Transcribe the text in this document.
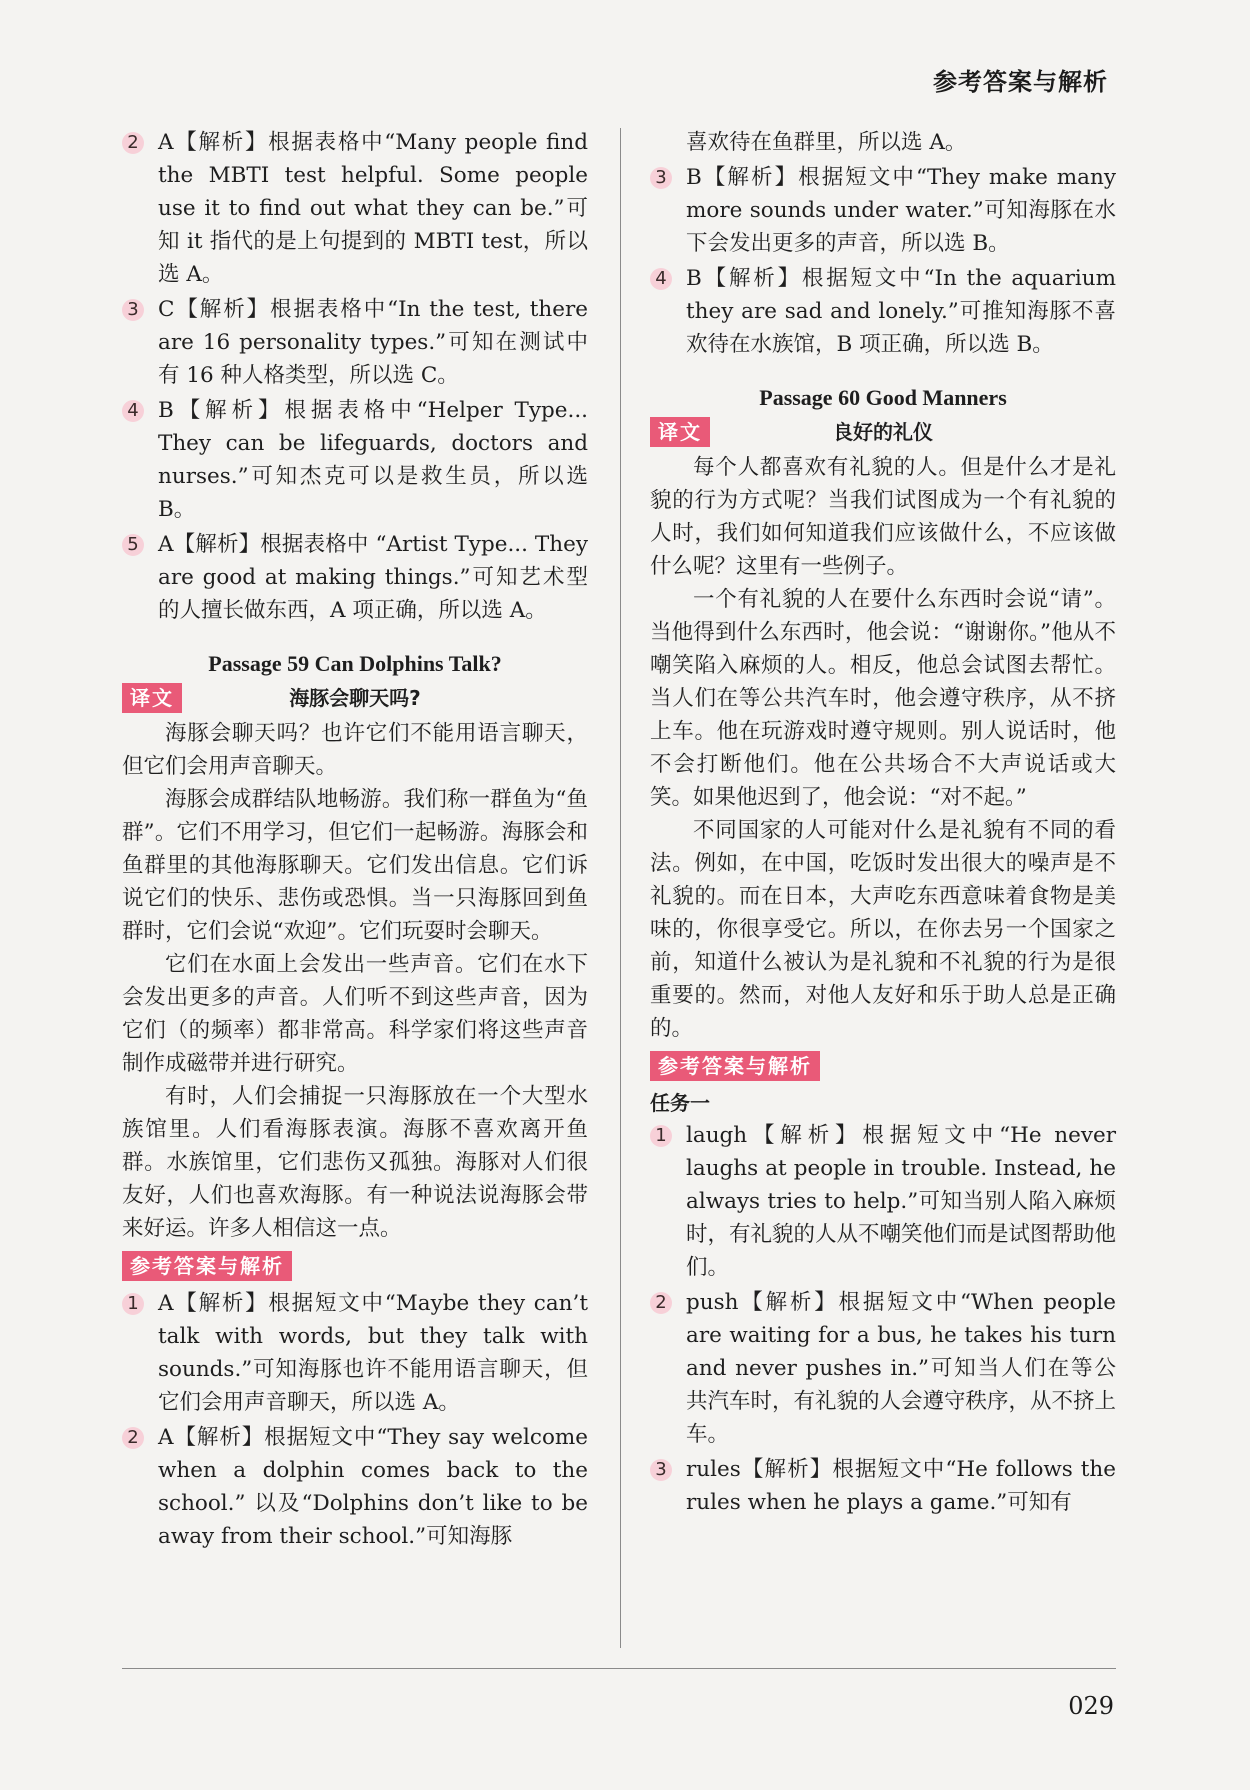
参考答案与解析
2 A【解析】根据表格中“Many people find the MBTI test helpful. Some people use it to find out what they can be.”可知 it 指代的是上句提到的 MBTI test，所以选 A。
3 C【解析】根据表格中“In the test, there are 16 personality types.”可知在测试中有 16 种人格类型，所以选 C。
4 B【解析】根据表格中“Helper Type... They can be lifeguards, doctors and nurses.”可知杰克可以是救生员，所以选 B。
5 A【解析】根据表格中 “Artist Type... They are good at making things.”可知艺术型的人擅长做东西，A 项正确，所以选 A。
Passage 59 Can Dolphins Talk?
海豚会聊天吗?
译文

海豚会聊天吗？也许它们不能用语言聊天，但它们会用声音聊天。

海豚会成群结队地畅游。我们称一群鱼为“鱼群”。它们不用学习，但它们一起畅游。海豚会和鱼群里的其他海豚聊天。它们发出信息。它们诉说它们的快乐、悲伤或恐惧。当一只海豚回到鱼群时，它们会说“欢迎”。它们玩耍时会聊天。

它们在水面上会发出一些声音。它们在水下会发出更多的声音。人们听不到这些声音，因为它们（的频率）都非常高。科学家们将这些声音制作成磁带并进行研究。

有时，人们会捕捉一只海豚放在一个大型水族馆里。人们看海豚表演。海豚不喜欢离开鱼群。水族馆里，它们悲伤又孤独。海豚对人们很友好，人们也喜欢海豚。有一种说法说海豚会带来好运。许多人相信这一点。

参考答案与解析
1 A【解析】根据短文中“Maybe they can’t talk with words, but they talk with sounds.”可知海豚也许不能用语言聊天，但它们会用声音聊天，所以选 A。
2 A【解析】根据短文中“They say welcome when a dolphin comes back to the school.” 以及“Dolphins don’t like to be away from their school.”可知海豚
喜欢待在鱼群里，所以选 A。
3 B【解析】根据短文中“They make many more sounds under water.”可知海豚在水下会发出更多的声音，所以选 B。
4 B【解析】根据短文中“In the aquarium they are sad and lonely.”可推知海豚不喜欢待在水族馆，B 项正确，所以选 B。
Passage 60 Good Manners
良好的礼仪
译文

每个人都喜欢有礼貌的人。但是什么才是礼貌的行为方式呢？当我们试图成为一个有礼貌的人时，我们如何知道我们应该做什么，不应该做什么呢？这里有一些例子。

一个有礼貌的人在要什么东西时会说“请”。当他得到什么东西时，他会说：“谢谢你。”他从不嘲笑陷入麻烦的人。相反，他总会试图去帮忙。当人们在等公共汽车时，他会遵守秩序，从不挤上车。他在玩游戏时遵守规则。别人说话时，他不会打断他们。他在公共场合不大声说话或大笑。如果他迟到了，他会说：“对不起。”

不同国家的人可能对什么是礼貌有不同的看法。例如，在中国，吃饭时发出很大的噪声是不礼貌的。而在日本，大声吃东西意味着食物是美味的，你很享受它。所以，在你去另一个国家之前，知道什么被认为是礼貌和不礼貌的行为是很重要的。然而，对他人友好和乐于助人总是正确的。

参考答案与解析
任务一
1 laugh【解析】根据短文中“He never laughs at people in trouble. Instead, he always tries to help.”可知当别人陷入麻烦时，有礼貌的人从不嘲笑他们而是试图帮助他们。
2 push【解析】根据短文中“When people are waiting for a bus, he takes his turn and never pushes in.”可知当人们在等公共汽车时，有礼貌的人会遵守秩序，从不挤上车。
3 rules【解析】根据短文中“He follows the rules when he plays a game.”可知有
029
